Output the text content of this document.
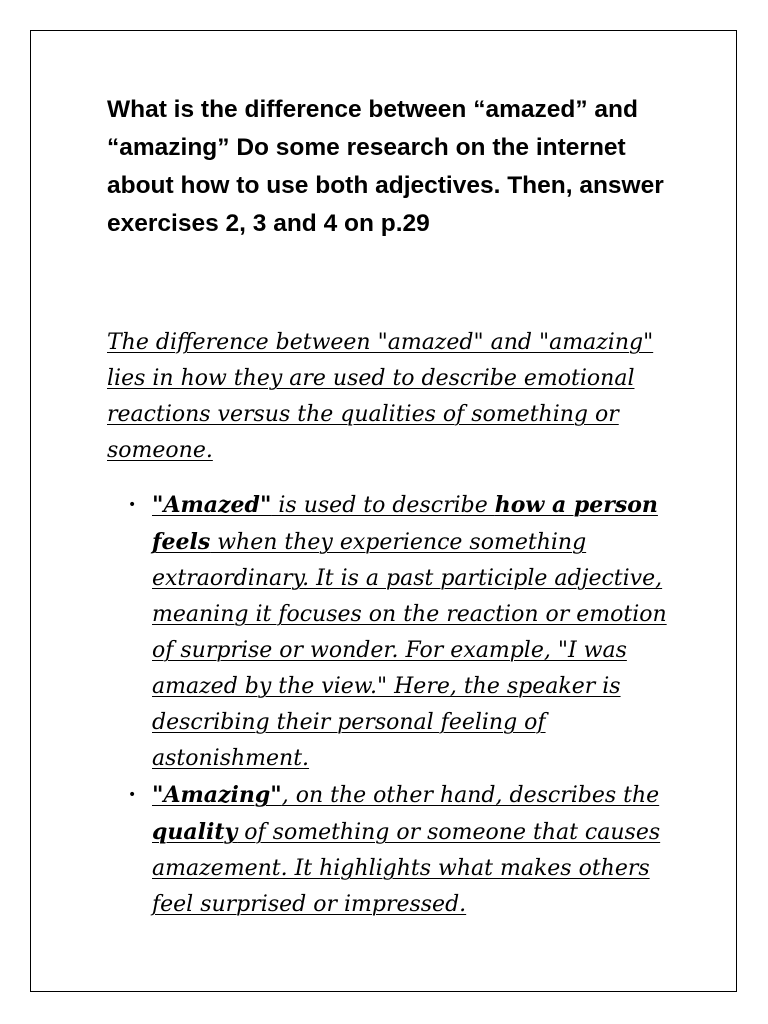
What is the difference between “amazed” and “amazing” Do some research on the internet about how to use both adjectives. Then, answer exercises 2, 3 and 4 on p.29

The difference between "amazed" and "amazing" lies in how they are used to describe emotional reactions versus the qualities of something or someone.

• "Amazed" is used to describe how a person feels when they experience something extraordinary. It is a past participle adjective, meaning it focuses on the reaction or emotion of surprise or wonder. For example, "I was amazed by the view." Here, the speaker is describing their personal feeling of astonishment.
• "Amazing", on the other hand, describes the quality of something or someone that causes amazement. It highlights what makes others feel surprised or impressed.
